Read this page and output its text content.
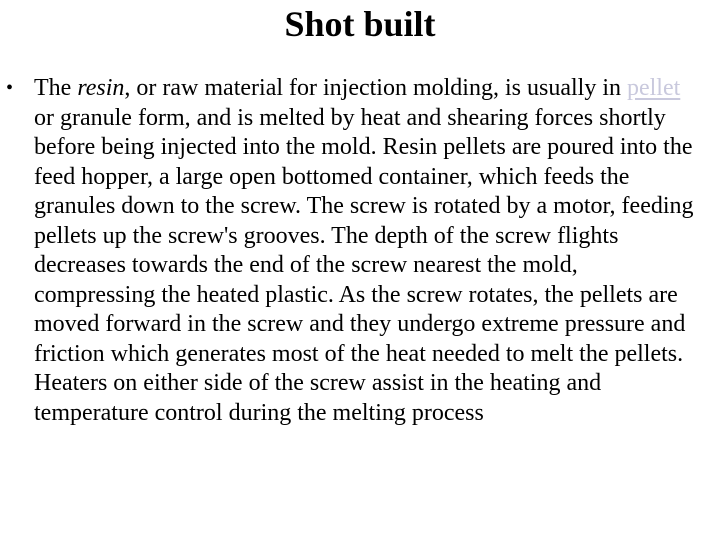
Shot built

• The resin, or raw material for injection molding, is usually in pellet or granule form, and is melted by heat and shearing forces shortly before being injected into the mold. Resin pellets are poured into the feed hopper, a large open bottomed container, which feeds the granules down to the screw. The screw is rotated by a motor, feeding pellets up the screw's grooves. The depth of the screw flights decreases towards the end of the screw nearest the mold, compressing the heated plastic. As the screw rotates, the pellets are moved forward in the screw and they undergo extreme pressure and friction which generates most of the heat needed to melt the pellets. Heaters on either side of the screw assist in the heating and temperature control during the melting process
